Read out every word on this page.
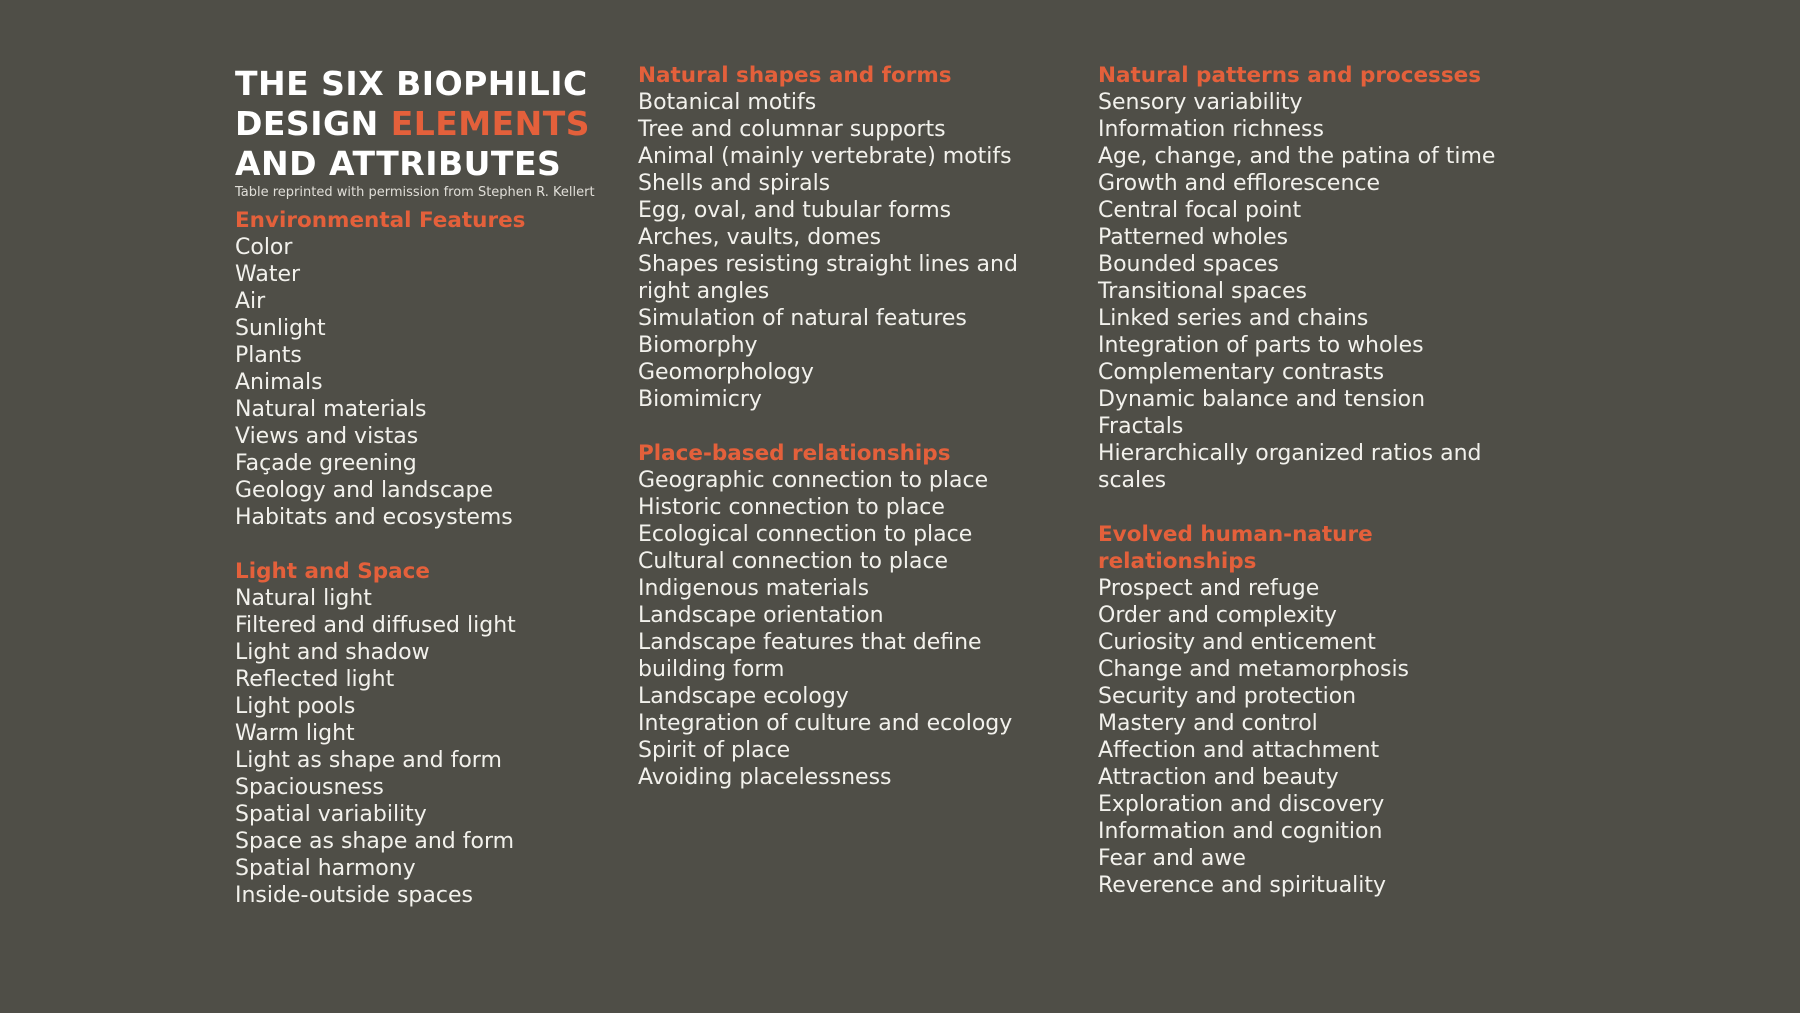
THE SIX BIOPHILIC
DESIGN ELEMENTS
AND ATTRIBUTES
Table reprinted with permission from Stephen R. Kellert
Environmental Features
Color
Water
Air
Sunlight
Plants
Animals
Natural materials
Views and vistas
Façade greening
Geology and landscape
Habitats and ecosystems
Light and Space
Natural light
Filtered and diffused light
Light and shadow
Reflected light
Light pools
Warm light
Light as shape and form
Spaciousness
Spatial variability
Space as shape and form
Spatial harmony
Inside-outside spaces
Natural shapes and forms
Botanical motifs
Tree and columnar supports
Animal (mainly vertebrate) motifs
Shells and spirals
Egg, oval, and tubular forms
Arches, vaults, domes
Shapes resisting straight lines and right angles
Simulation of natural features
Biomorphy
Geomorphology
Biomimicry
Place-based relationships
Geographic connection to place
Historic connection to place
Ecological connection to place
Cultural connection to place
Indigenous materials
Landscape orientation
Landscape features that define building form
Landscape ecology
Integration of culture and ecology
Spirit of place
Avoiding placelessness
Natural patterns and processes
Sensory variability
Information richness
Age, change, and the patina of time
Growth and efflorescence
Central focal point
Patterned wholes
Bounded spaces
Transitional spaces
Linked series and chains
Integration of parts to wholes
Complementary contrasts
Dynamic balance and tension
Fractals
Hierarchically organized ratios and scales
Evolved human-nature relationships
Prospect and refuge
Order and complexity
Curiosity and enticement
Change and metamorphosis
Security and protection
Mastery and control
Affection and attachment
Attraction and beauty
Exploration and discovery
Information and cognition
Fear and awe
Reverence and spirituality
